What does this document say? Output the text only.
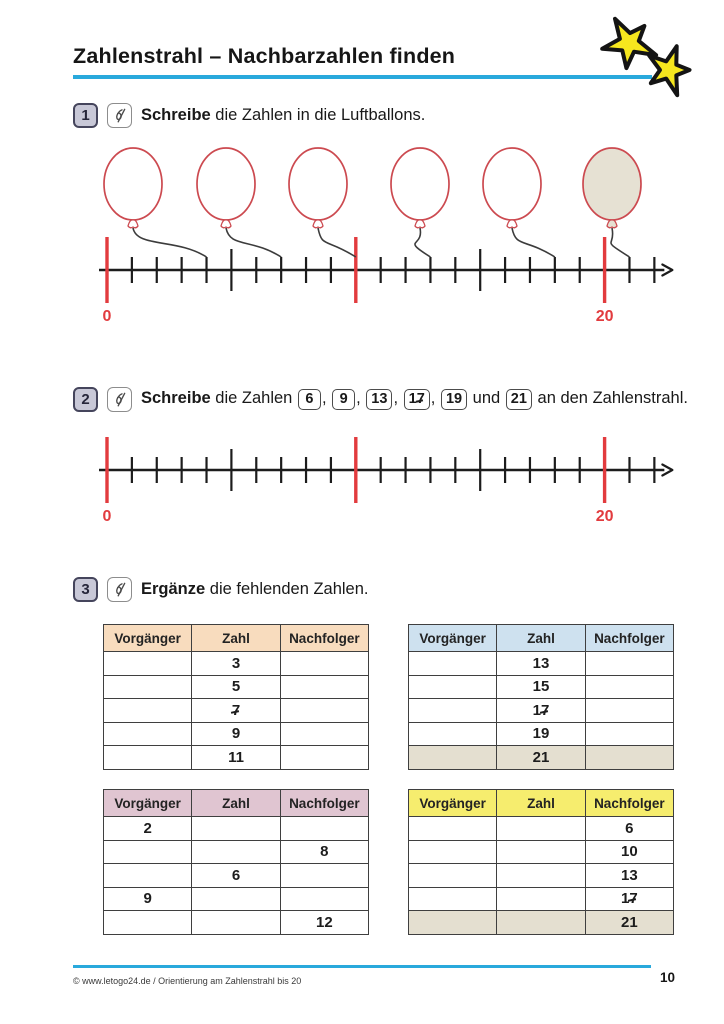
Zahlenstrahl – Nachbarzahlen finden
1	Schreibe die Zahlen in die Luftballons.
2	Schreibe die Zahlen 6 , 9 , 13 , 17 , 19 und 21 an den Zahlenstrahl.
3	Ergänze die fehlenden Zahlen.
Vorgänger	Zahl	Nachfolger
	3	
	5	
	7	
	9	
	11	
Vorgänger	Zahl	Nachfolger
	13	
	15	
	17	
	19	
	21	
Vorgänger	Zahl	Nachfolger
2		
		8
	6	
9		
		12
Vorgänger	Zahl	Nachfolger
		6
		10
		13
		17
		21
© www.letogo24.de / Orientierung am Zahlenstrahl bis 20	10
0	20
0	20
